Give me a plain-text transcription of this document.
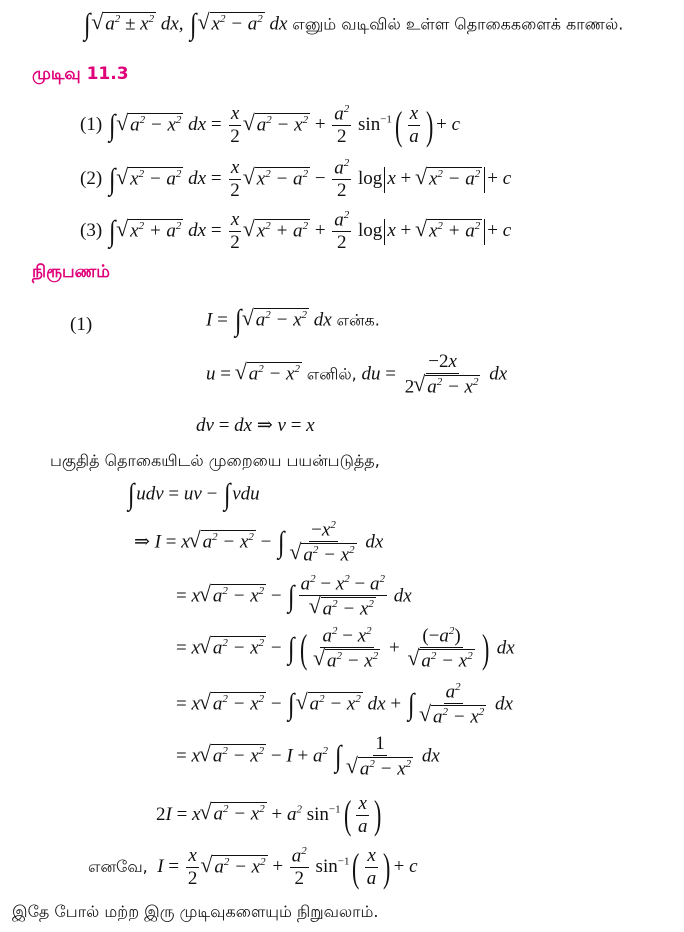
∫ √ $a^2 \pm x^2$ dx, ∫ √ $x^2 - a^2$ dx எனும் வடிவில் உள்ள தொகைகளைக் காணல்.
முடிவு 11.3
(1) ∫ √ $a^2 - x^2$ dx = $\frac{x}{2}$ √ $a^2 - x^2 + \frac{a^2}{2} \sin^{-1}( \frac{x}{a}$ ) + c
(2) ∫ √ $x^2 - a^2$ dx = $\frac{x}{2}$ √ $x^2 - a^2 - \frac{a^2}{2}$ log x + √ $x^2 - a^2 + c$
(3) ∫ √ $x^2 + a^2$ dx = $\frac{x}{2}$ √ $x^2 + a^2 + \frac{a^2}{2}$ log x + √ $x^2 + a^2 + c$
நிரூபணம்
(1)	I = ∫ √ $a^2 - x^2$ dx என்க.
u = √ $a^2 - x^2$ எனில், du = $\frac{-2x}{2 √ a^2 - x^2}$ dx
dv = dx ⇒ v = x
பகுதித் தொகையிடல் முறையை பயன்படுத்த,
∫udv = uv − ∫vdu
⇒ I = x √ $a^2 - x^2$ − ∫ $-x^2$
√ $a^2 - x^2$ dx
= x √ $a^2 - x^2$ − ∫ $a^2 - x^2 - a^2$
√ $a^2 - x^2$ dx
= x √ $a^2 - x^2$ − ∫ ( $a^2 - x^2$
√ $a^2 - x^2 + (-a^2)$
√ $a^2 - x^2$ ) dx
= x √ $a^2 - x^2$ − ∫ √ $a^2 - x^2$ dx + ∫ $a^2$
√ $a^2 - x^2$ dx
= x √ $a^2 - x^2 - I + a^2$ ∫ 1
√ $a^2 - x^2$ dx
2I = x √ $a^2 - x^2 + a^2$ $\sin^{-1}( \frac{x}{a}$ )
எனவே,  $I = \frac{x}{2}$ √ $a^2 - x^2 + \frac{a^2}{2} \sin^{-1}( \frac{x}{a}$ ) + c
இதே போல் மற்ற இரு முடிவுகளையும் நிறுவலாம்.
